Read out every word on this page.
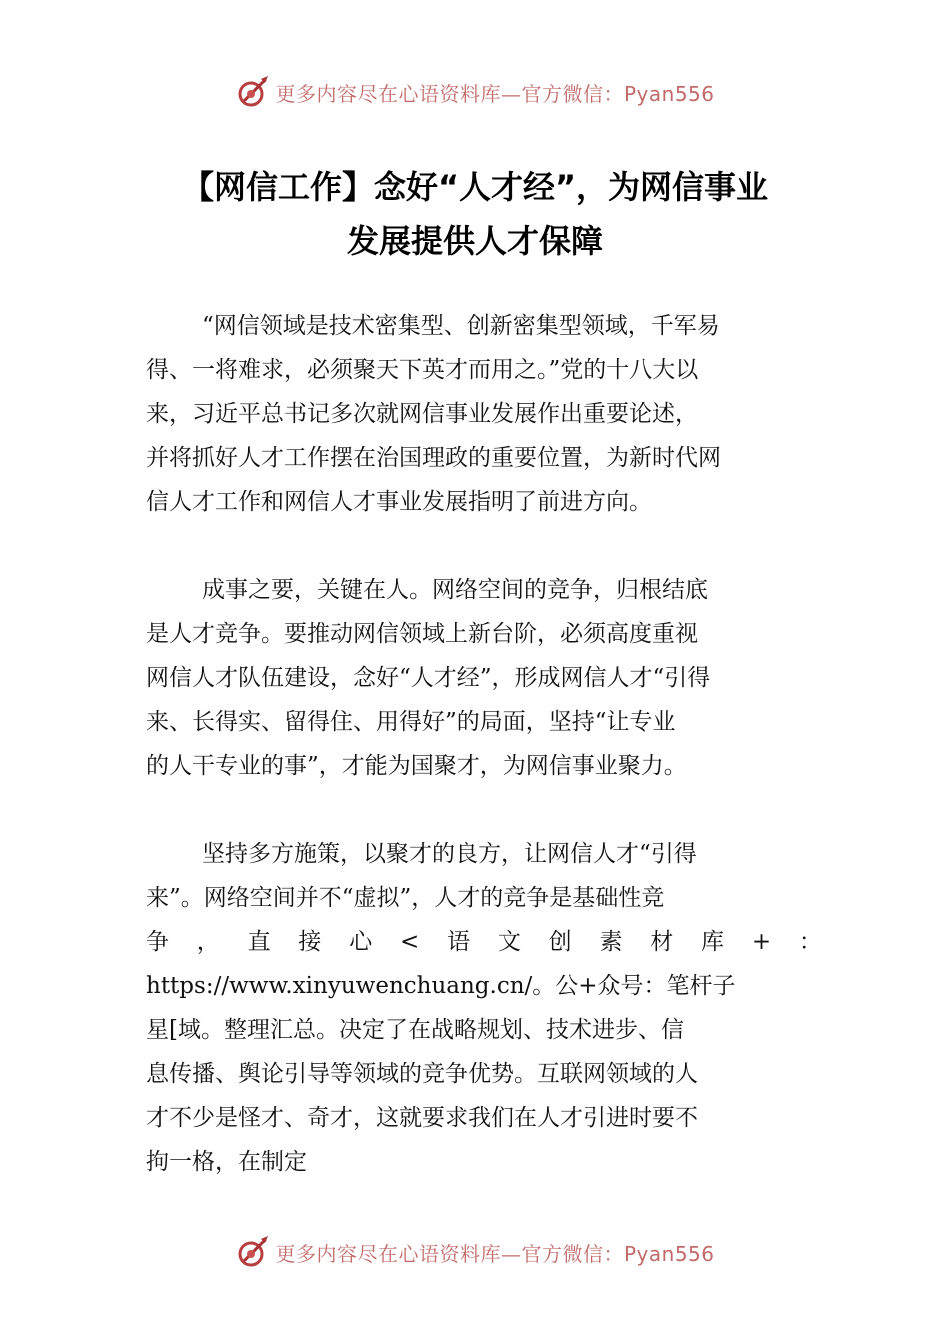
更多内容尽在心语资料库—官方微信：Pyan556
【网信工作】念好“人才经”，为网信事业
发展提供人才保障
“网信领域是技术密集型、创新密集型领域，千军易
得、一将难求，必须聚天下英才而用之。”党的十八大以
来，习近平总书记多次就网信事业发展作出重要论述，
并将抓好人才工作摆在治国理政的重要位置，为新时代网
信人才工作和网信人才事业发展指明了前进方向。
成事之要，关键在人。网络空间的竞争，归根结底
是人才竞争。要推动网信领域上新台阶，必须高度重视
网信人才队伍建设，念好“人才经”，形成网信人才“引得
来、长得实、留得住、用得好”的局面，坚持“让专业
的人干专业的事”，才能为国聚才，为网信事业聚力。
坚持多方施策，以聚才的良方，让网信人才“引得
来”。网络空间并不“虚拟”，人才的竞争是基础性竞
争 ， 直 接 心 < 语 文 创 素 材 库 + ：
https://www.xinyuwenchuang.cn/。公+众号：笔杆子
星[域。整理汇总。决定了在战略规划、技术进步、信
息传播、舆论引导等领域的竞争优势。互联网领域的人
才不少是怪才、奇才，这就要求我们在人才引进时要不
拘一格，在制定
更多内容尽在心语资料库—官方微信：Pyan556
